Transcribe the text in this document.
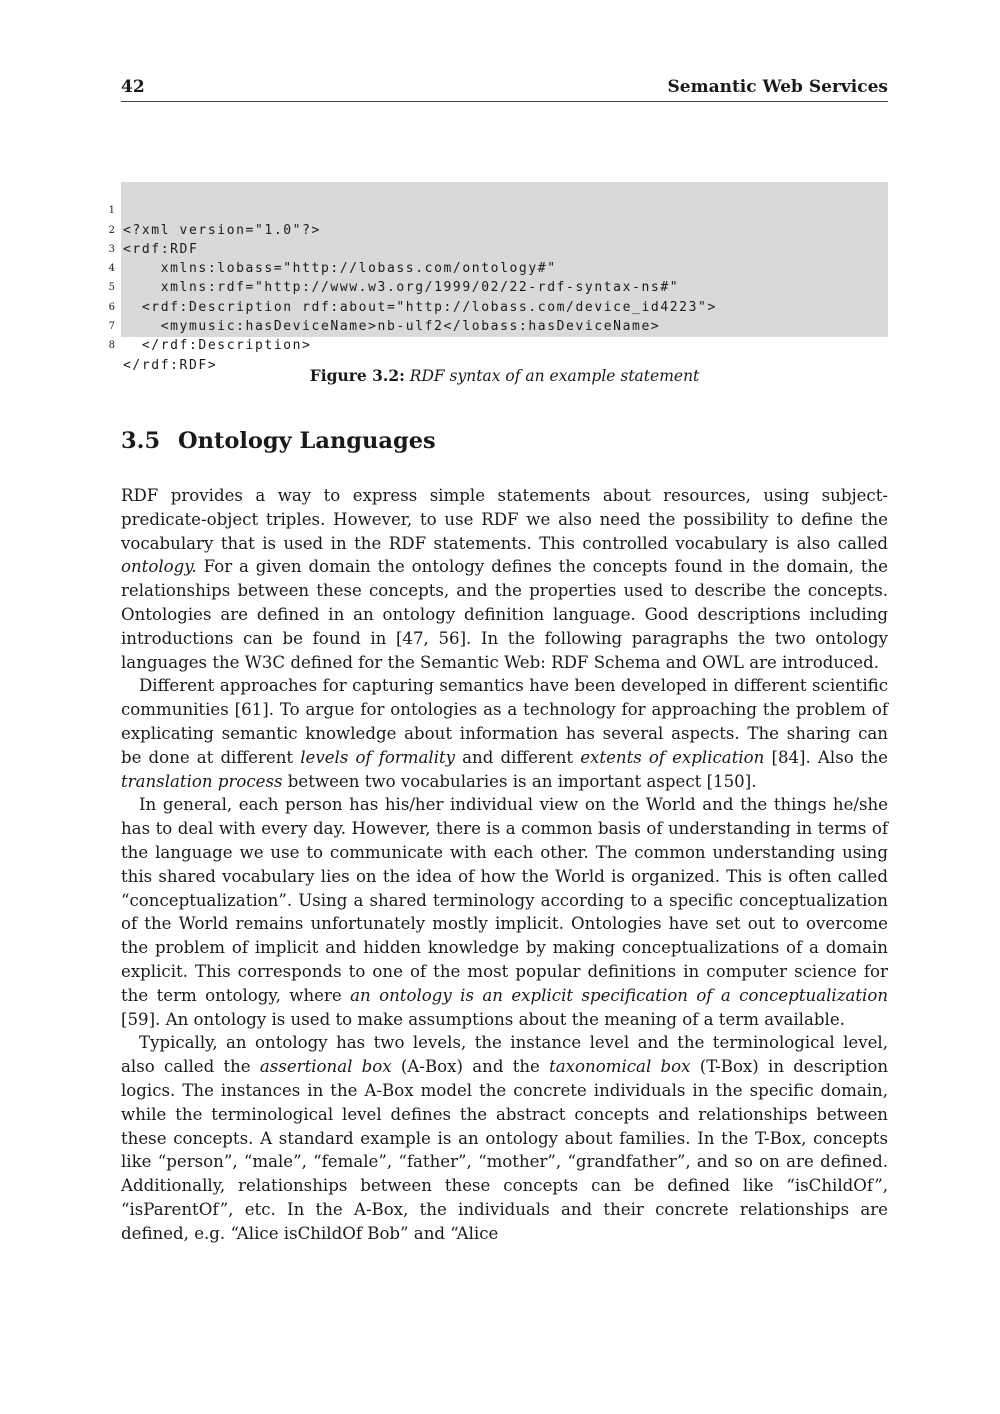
42	Semantic Web Services

1

<?xml version="1.0"?>

2

<rdf:RDF

3

xmlns:lobass="http://lobass.com/ontology#"

4

xmlns:rdf="http://www.w3.org/1999/02/22-rdf-syntax-ns#"

5

<rdf:Description rdf:about="http://lobass.com/device_id4223">

6

<mymusic:hasDeviceName>nb-ulf2</lobass:hasDeviceName>

7

</rdf:Description>

8

</rdf:RDF>

Figure 3.2: RDF syntax of an example statement
3.5 Ontology Languages

RDF provides a way to express simple statements about resources, using subject-predicate-object triples. However, to use RDF we also need the possibility to define the vocabulary that is used in the RDF statements. This controlled vocabulary is also called ontology. For a given domain the ontology defines the concepts found in the domain, the relationships between these concepts, and the properties used to describe the concepts. Ontologies are defined in an ontology definition language. Good descriptions including introductions can be found in [47, 56]. In the following paragraphs the two ontology languages the W3C defined for the Semantic Web: RDF Schema and OWL are introduced.

Different approaches for capturing semantics have been developed in different scientific communities [61]. To argue for ontologies as a technology for approaching the problem of explicating semantic knowledge about information has several aspects. The sharing can be done at different levels of formality and different extents of explication [84]. Also the translation process between two vocabularies is an important aspect [150].

In general, each person has his/her individual view on the World and the things he/she has to deal with every day. However, there is a common basis of understanding in terms of the language we use to communicate with each other. The common understanding using this shared vocabulary lies on the idea of how the World is organized. This is often called “conceptualization”. Using a shared terminology according to a specific conceptualization of the World remains unfortunately mostly implicit. Ontologies have set out to overcome the problem of implicit and hidden knowledge by making conceptualizations of a domain explicit. This corresponds to one of the most popular definitions in computer science for the term ontology, where an ontology is an explicit specification of a conceptualization [59]. An ontology is used to make assumptions about the meaning of a term available.

Typically, an ontology has two levels, the instance level and the terminological level, also called the assertional box (A-Box) and the taxonomical box (T-Box) in description logics. The instances in the A-Box model the concrete individuals in the specific domain, while the terminological level defines the abstract concepts and relationships between these concepts. A standard example is an ontology about families. In the T-Box, concepts like “person”, “male”, “female”, “father”, “mother”, “grandfather”, and so on are defined. Additionally, relationships between these concepts can be defined like “isChildOf”, “isParentOf”, etc. In the A-Box, the individuals and their concrete relationships are defined, e.g. “Alice isChildOf Bob” and “Alice
